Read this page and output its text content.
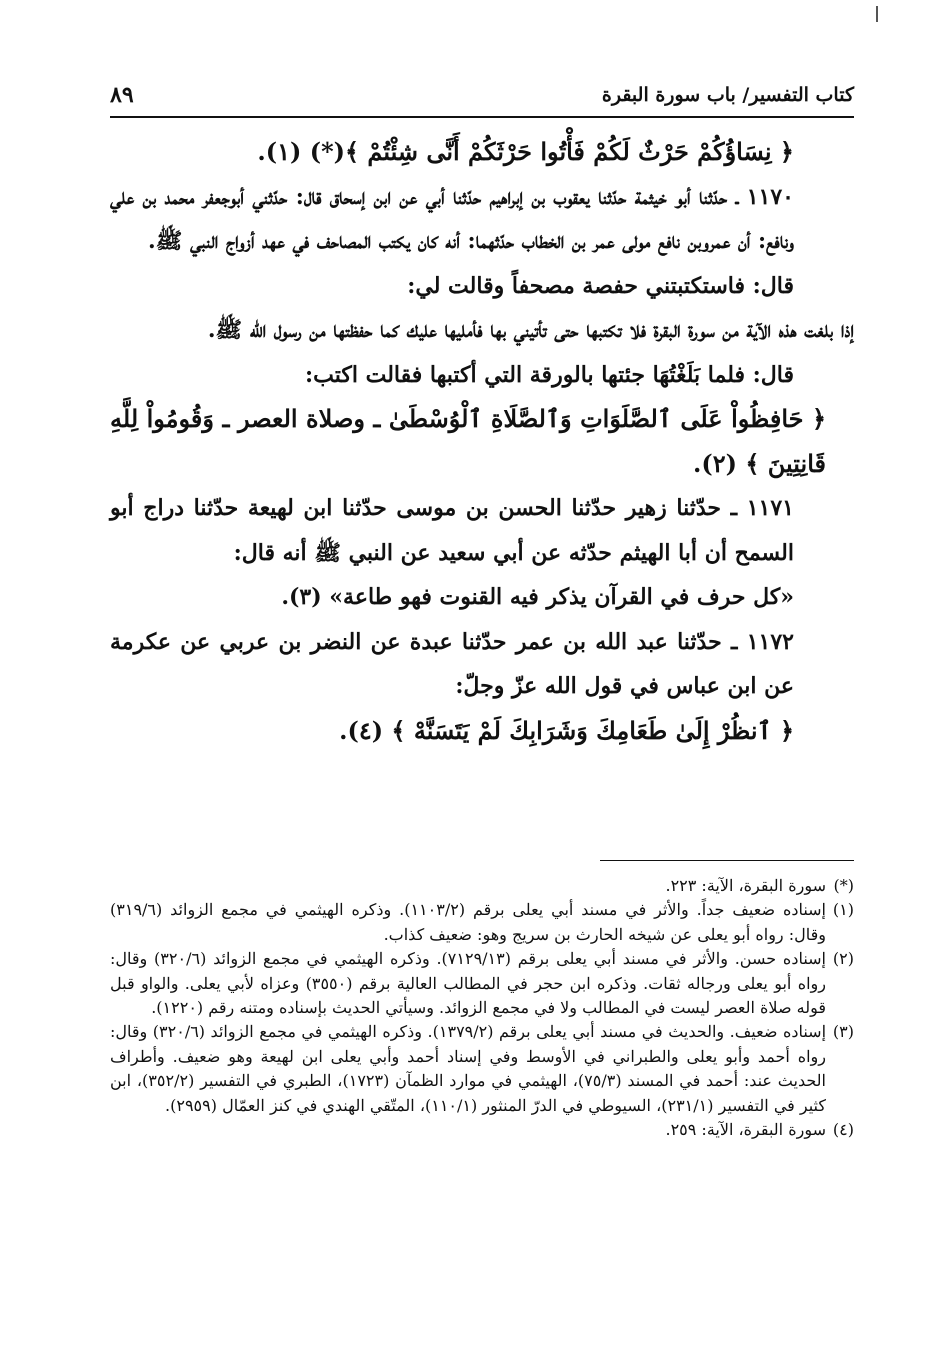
كتاب التفسير/ باب سورة البقرة
٨٩

﴿ نِسَاؤُكُمْ حَرْثٌ لَكُمْ فَأْتُوا حَرْثَكُمْ أَنَّى شِئْتُمْ ﴾(*) (١).

١١٧٠ ـ حدّثنا أبو خيثمة حدّثنا يعقوب بن إبراهيم حدّثنا أبي عن ابن إسحاق قال: حدّثني أبوجعفر محمد بن علي ونافع: أن عمروبن نافع مولى عمر بن الخطاب حدّثهما: أنه كان يكتب المصاحف في عهد أزواج النبي ﷺ.

قال: فاستكتبتني حفصة مصحفاً وقالت لي:

إذا بلغت هذه الآية من سورة البقرة فلا تكتبها حتى تأتيني بها فأمليها عليك كما حفظتها من رسول الله ﷺ.

قال: فلما بَلَغْتُهَا جئتها بالورقة التي أكتبها فقالت اكتب:

﴿ حَافِظُواْ عَلَى ٱلصَّلَوَاتِ وَٱلصَّلَاةِ ٱلْوُسْطَىٰ ـ وصلاة العصر ـ وَقُومُواْ لِلَّهِ قَانِتِينَ ﴾ (٢).

١١٧١ ـ حدّثنا زهير حدّثنا الحسن بن موسى حدّثنا ابن لهيعة حدّثنا دراج أبو السمح أن أبا الهيثم حدّثه عن أبي سعيد عن النبي ﷺ أنه قال:

«كل حرف في القرآن يذكر فيه القنوت فهو طاعة» (٣).

١١٧٢ ـ حدّثنا عبد الله بن عمر حدّثنا عبدة عن النضر بن عربي عن عكرمة عن ابن عباس في قول الله عزّ وجلّ:

﴿ ٱنظُرْ إِلَىٰ طَعَامِكَ وَشَرَابِكَ لَمْ يَتَسَنَّهْ ﴾ (٤).

(*)
سورة البقرة، الآية: ٢٢٣.

(١)
إسناده ضعيف جداً. والأثر في مسند أبي يعلى برقم (١١٠٣/٢). وذكره الهيثمي في مجمع الزوائد (٣١٩/٦) وقال: رواه أبو يعلى عن شيخه الحارث بن سريج وهو: ضعيف كذاب.

(٢)
إسناده حسن. والأثر في مسند أبي يعلى برقم (٧١٢٩/١٣). وذكره الهيثمي في مجمع الزوائد (٣٢٠/٦) وقال: رواه أبو يعلى ورجاله ثقات. وذكره ابن حجر في المطالب العالية برقم (٣٥٥٠) وعزاه لأبي يعلى. والواو قبل قوله صلاة العصر ليست في المطالب ولا في مجمع الزوائد. وسيأتي الحديث بإسناده ومتنه رقم (١٢٢٠).

(٣)
إسناده ضعيف. والحديث في مسند أبي يعلى برقم (١٣٧٩/٢). وذكره الهيثمي في مجمع الزوائد (٣٢٠/٦) وقال: رواه أحمد وأبو يعلى والطبراني في الأوسط وفي إسناد أحمد وأبي يعلى ابن لهيعة وهو ضعيف. وأطراف الحديث عند: أحمد في المسند (٧٥/٣)، الهيثمي في موارد الظمآن (١٧٢٣)، الطبري في التفسير (٣٥٢/٢)، ابن كثير في التفسير (٢٣١/١)، السيوطي في الدرّ المنثور (١١٠/١)، المتّقي الهندي في كنز العمّال (٢٩٥٩).

(٤)
سورة البقرة، الآية: ٢٥٩.
